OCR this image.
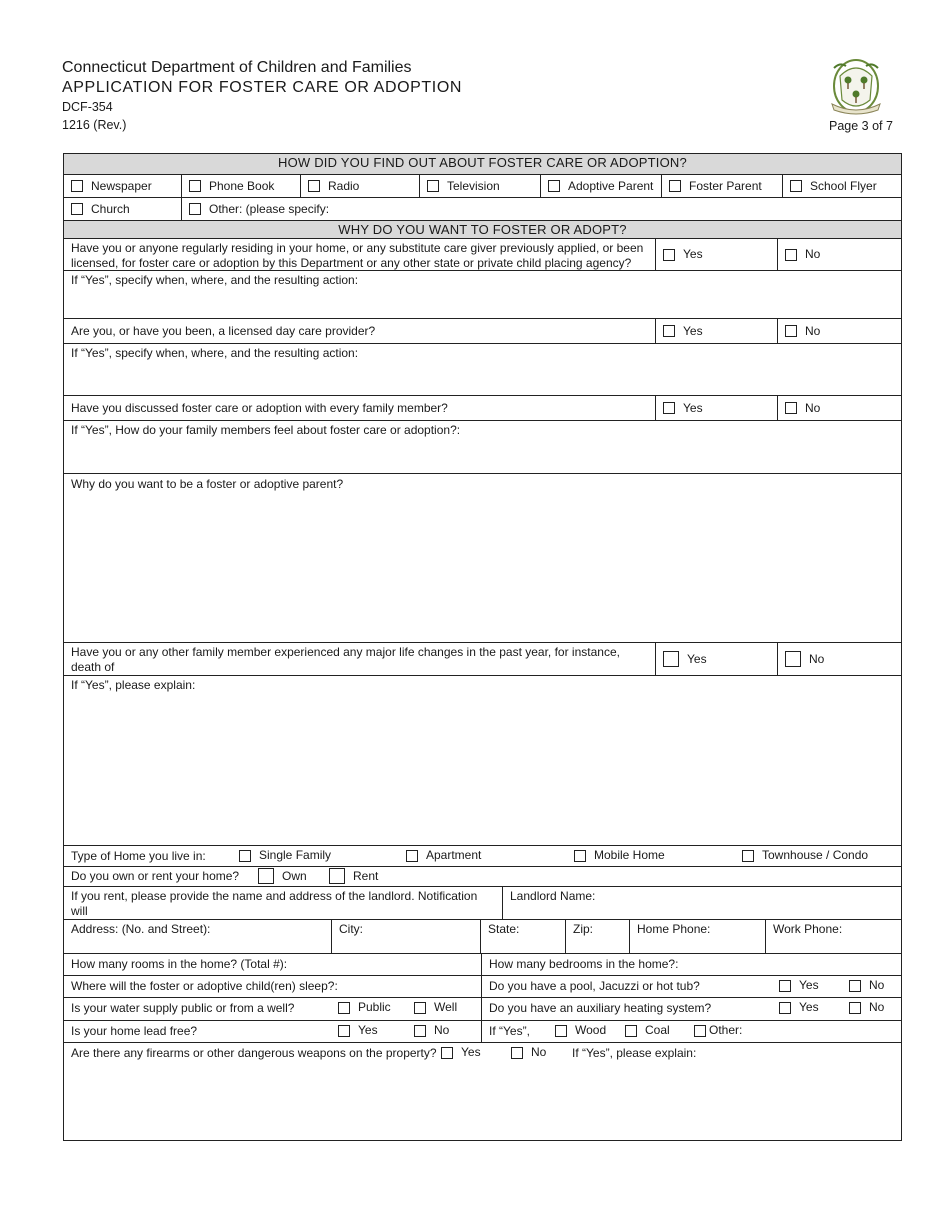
Connecticut Department of Children and Families
APPLICATION FOR FOSTER CARE OR ADOPTION
DCF-354
1216 (Rev.)	Page 3 of 7
HOW DID YOU FIND OUT ABOUT FOSTER CARE OR ADOPTION?
Newspaper	Phone Book	Radio	Television	Adoptive Parent	Foster Parent	School Flyer
Church	Other: (please specify:
WHY DO YOU WANT TO FOSTER OR ADOPT?
Have you or anyone regularly residing in your home, or any substitute care giver previously applied, or been
licensed, for foster care or adoption by this Department or any other state or private child placing agency?
Yes	No
If “Yes”, specify when, where, and the resulting action:
Are you, or have you been, a licensed day care provider?	Yes	No
If “Yes”, specify when, where, and the resulting action:
Have you discussed foster care or adoption with every family member?	Yes	No
If “Yes”, How do your family members feel about foster care or adoption?:
Why do you want to be a foster or adoptive parent?
Have you or any other family member experienced any major life changes in the past year, for instance, death of
Yes	No
If “Yes”, please explain:
Type of Home you live in:	Single Family	Apartment	Mobile Home	Townhouse / Condo
Do you own or rent your home?	Own	Rent
If you rent, please provide the name and address of the landlord. Notification will
Landlord Name:
Address: (No. and Street):	City:	State:	Zip:	Home Phone:	Work Phone:
How many rooms in the home? (Total #):	How many bedrooms in the home?:
Where will the foster or adoptive child(ren) sleep?:	Do you have a pool, Jacuzzi or hot tub?	Yes	No
Is your water supply public or from a well?	Public	Well	Do you have an auxiliary heating system?	Yes	No
Is your home lead free?	Yes	No	If “Yes”,	Wood	Coal	Other:
Are there any firearms or other dangerous weapons on the property? Yes	No If “Yes”, please explain:
